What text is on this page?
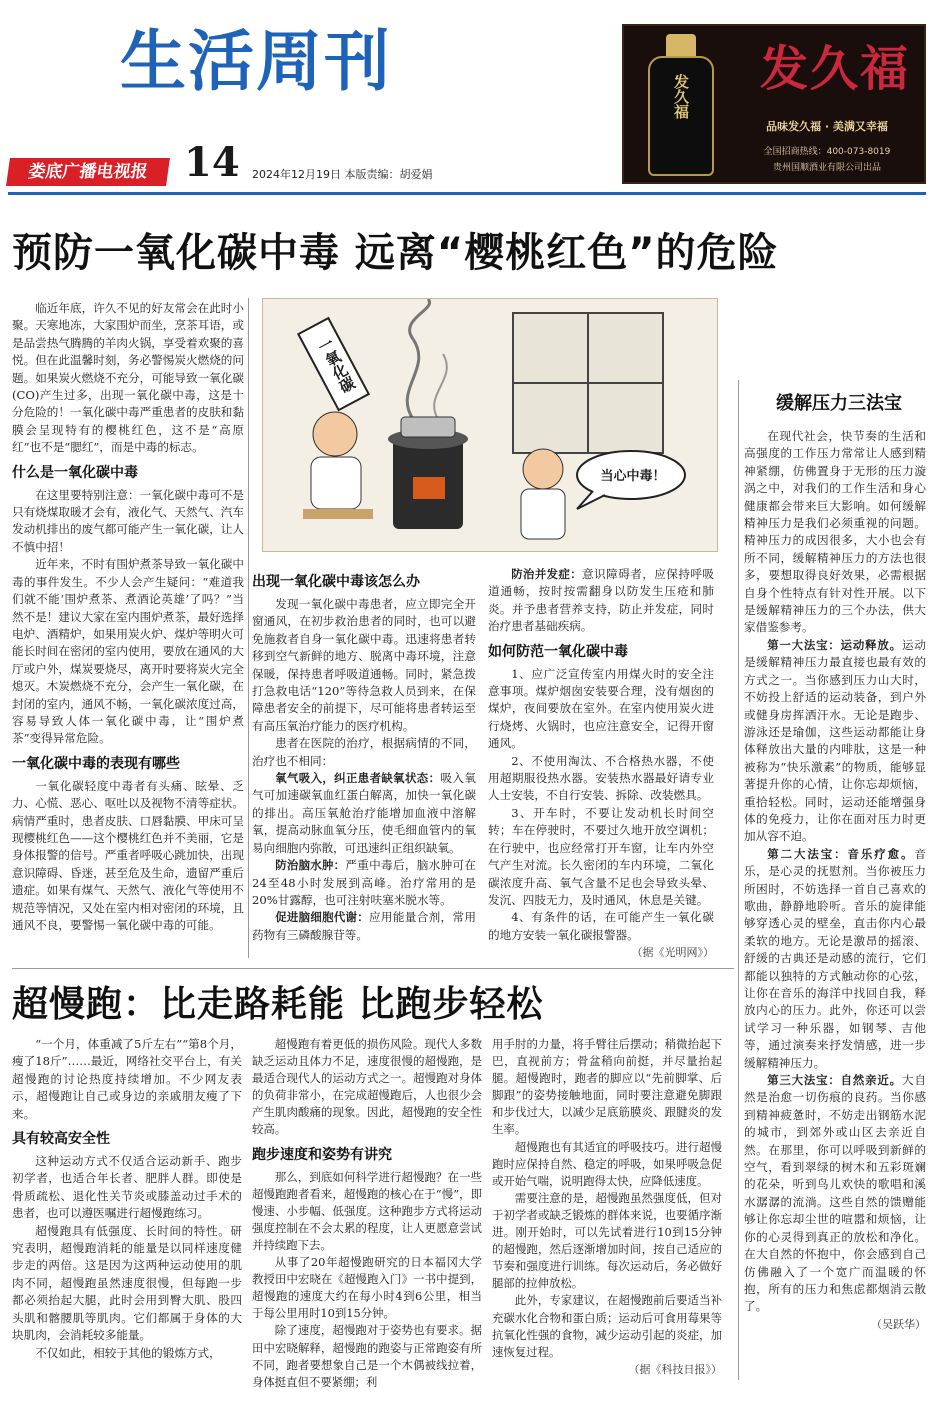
生活周刊
娄底广播电视报 14 2024年12月19日 本版责编：胡爱娟
发久福 发久福
品味发久福 · 美满又幸福
全国招商热线：400-073-8019
贵州国顺酒业有限公司出品
预防一氧化碳中毒 远离“樱桃红色”的危险
一氧化碳
当心中毒！

临近年底，许久不见的好友常会在此时小聚。天寒地冻，大家围炉而坐，烹茶耳语，或是品尝热气腾腾的羊肉火锅，享受着欢聚的喜悦。但在此温馨时刻，务必警惕炭火燃烧的问题。如果炭火燃烧不充分，可能导致一氧化碳(CO)产生过多，出现一氧化碳中毒，这是十分危险的！一氧化碳中毒严重患者的皮肤和黏膜会呈现特有的樱桃红色，这不是“高原红”也不是“腮红”，而是中毒的标志。

什么是一氧化碳中毒

在这里要特别注意：一氧化碳中毒可不是只有烧煤取暖才会有，液化气、天然气、汽车发动机排出的废气都可能产生一氧化碳，让人不慎中招！

近年来，不时有围炉煮茶导致一氧化碳中毒的事件发生。不少人会产生疑问：“难道我们就不能‘围炉煮茶、煮酒论英雄’了吗？”当然不是！建议大家在室内围炉煮茶，最好选择电炉、酒精炉，如果用炭火炉、煤炉等明火可能长时间在密闭的室内使用，要放在通风的大厅或户外，煤炭要烧尽，离开时要将炭火完全熄灭。木炭燃烧不充分，会产生一氧化碳，在封闭的室内，通风不畅，一氧化碳浓度过高，容易导致人体一氧化碳中毒，让“围炉煮茶”变得异常危险。

一氧化碳中毒的表现有哪些

一氧化碳轻度中毒者有头痛、眩晕、乏力、心慌、恶心、呕吐以及视物不清等症状。病情严重时，患者皮肤、口唇黏膜、甲床可呈现樱桃红色——这个樱桃红色并不美丽，它是身体报警的信号。严重者呼吸心跳加快，出现意识障碍、昏迷，甚至危及生命，遗留严重后遗症。如果有煤气、天然气、液化气等使用不规范等情况，又处在室内相对密闭的环境，且通风不良，要警惕一氧化碳中毒的可能。

出现一氧化碳中毒该怎么办

发现一氧化碳中毒患者，应立即完全开窗通风，在初步救治患者的同时，也可以避免施救者自身一氧化碳中毒。迅速将患者转移到空气新鲜的地方、脱离中毒环境，注意保暖，保持患者呼吸道通畅。同时，紧急拨打急救电话“120”等待急救人员到来，在保障患者安全的前提下，尽可能将患者转运至有高压氧治疗能力的医疗机构。

患者在医院的治疗，根据病情的不同，治疗也不相同：

氧气吸入，纠正患者缺氧状态：吸入氧气可加速碳氧血红蛋白解离，加快一氧化碳的排出。高压氧舱治疗能增加血液中溶解氧，提高动脉血氧分压，使毛细血管内的氧易向细胞内弥散，可迅速纠正组织缺氧。

防治脑水肿：严重中毒后，脑水肿可在24至48小时发展到高峰。治疗常用的是20%甘露醇，也可注射呋塞米脱水等。

促进脑细胞代谢：应用能量合剂，常用药物有三磷酸腺苷等。

防治并发症：意识障碍者，应保持呼吸道通畅，按时按需翻身以防发生压疮和肺炎。并予患者营养支持，防止并发症，同时治疗患者基础疾病。

如何防范一氧化碳中毒

1、应广泛宣传室内用煤火时的安全注意事项。煤炉烟囱安装要合理，没有烟囱的煤炉，夜间要放在室外。在室内使用炭火进行烧烤、火锅时，也应注意安全，记得开窗通风。

2、不使用淘汰、不合格热水器，不使用超期服役热水器。安装热水器最好请专业人士安装，不自行安装、拆除、改装燃具。

3、开车时，不要让发动机长时间空转；车在停驶时，不要过久地开放空调机；在行驶中，也应经常打开车窗，让车内外空气产生对流。长久密闭的车内环境，二氧化碳浓度升高、氧气含量不足也会导致头晕、发沉、四肢无力，及时通风，休息是关键。

4、有条件的话，在可能产生一氧化碳的地方安装一氧化碳报警器。

（据《光明网》）
缓解压力三法宝

在现代社会，快节奏的生活和高强度的工作压力常常让人感到精神紧绷，仿佛置身于无形的压力漩涡之中，对我们的工作生活和身心健康都会带来巨大影响。如何缓解精神压力是我们必须重视的问题。精神压力的成因很多，大小也会有所不同，缓解精神压力的方法也很多，要想取得良好效果，必需根据自身个性特点有针对性开展。以下是缓解精神压力的三个办法，供大家借鉴参考。

第一大法宝：运动释放。运动是缓解精神压力最直接也最有效的方式之一。当你感到压力山大时，不妨投上舒适的运动装备，到户外或健身房挥洒汗水。无论是跑步、游泳还是瑜伽，这些运动都能让身体释放出大量的内啡肽，这是一种被称为“快乐激素”的物质，能够显著提升你的心情，让你忘却烦恼，重拾轻松。同时，运动还能增强身体的免疫力，让你在面对压力时更加从容不迫。

第二大法宝：音乐疗愈。音乐，是心灵的抚慰剂。当你被压力所困时，不妨选择一首自己喜欢的歌曲，静静地聆听。音乐的旋律能够穿透心灵的壁垒，直击你内心最柔软的地方。无论是激昂的摇滚、舒缓的古典还是动感的流行，它们都能以独特的方式触动你的心弦，让你在音乐的海洋中找回自我，释放内心的压力。此外，你还可以尝试学习一种乐器，如钢琴、吉他等，通过演奏来抒发情感，进一步缓解精神压力。

第三大法宝：自然亲近。大自然是治愈一切伤痕的良药。当你感到精神疲惫时，不妨走出钢筋水泥的城市，到郊外或山区去亲近自然。在那里，你可以呼吸到新鲜的空气，看到翠绿的树木和五彩斑斓的花朵，听到鸟儿欢快的歌唱和溪水潺潺的流淌。这些自然的馈赠能够让你忘却尘世的喧嚣和烦恼，让你的心灵得到真正的放松和净化。在大自然的怀抱中，你会感到自己仿佛融入了一个宽广而温暖的怀抱，所有的压力和焦虑都烟消云散了。

（吴跃华）
超慢跑：比走路耗能 比跑步轻松

“一个月，体重减了5斤左右”“第8个月，瘦了18斤”……最近，网络社交平台上，有关超慢跑的讨论热度持续增加。不少网友表示，超慢跑让自己或身边的亲戚朋友瘦了下来。

具有较高安全性

这种运动方式不仅适合运动新手、跑步初学者，也适合年长者、肥胖人群。即使是骨质疏松、退化性关节炎或膝盖动过手术的患者，也可以遵医嘱进行超慢跑练习。

超慢跑具有低强度、长时间的特性。研究表明，超慢跑消耗的能量是以同样速度健步走的两倍。这是因为这两种运动使用的肌肉不同，超慢跑虽然速度很慢，但每跑一步都必须抬起大腿，此时会用到臀大肌、股四头肌和髂腰肌等肌肉。它们都属于身体的大块肌肉，会消耗较多能量。

不仅如此，相较于其他的锻炼方式，

超慢跑有着更低的损伤风险。现代人多数缺乏运动且体力不足，速度很慢的超慢跑，是最适合现代人的运动方式之一。超慢跑对身体的负荷非常小，在完成超慢跑后，人也很少会产生肌肉酸痛的现象。因此，超慢跑的安全性较高。

跑步速度和姿势有讲究

那么，到底如何科学进行超慢跑？在一些超慢跑跑者看来，超慢跑的核心在于“慢”，即慢速、小步幅、低强度。这种跑步方式将运动强度控制在不会太累的程度，让人更愿意尝试并持续跑下去。

从事了20年超慢跑研究的日本福冈大学教授田中宏晓在《超慢跑入门》一书中提到，超慢跑的速度大约在每小时4到6公里，相当于每公里用时10到15分钟。

除了速度，超慢跑对于姿势也有要求。据田中宏晓解释，超慢跑的跑姿与正常跑姿有所不同，跑者要想象自己是一个木偶被线拉着，身体挺直但不要紧绷；利

用手肘的力量，将手臂往后摆动；稍微抬起下巴，直视前方；骨盆稍向前挺，并尽量抬起腿。超慢跑时，跑者的脚应以“先前脚掌、后脚跟”的姿势接触地面，同时要注意避免脚跟和步伐过大，以减少足底筋膜炎、跟腱炎的发生率。

超慢跑也有其适宜的呼吸技巧。进行超慢跑时应保持自然、稳定的呼吸，如果呼吸急促或开始气喘，说明跑得太快，应降低速度。

需要注意的是，超慢跑虽然强度低，但对于初学者或缺乏锻炼的群体来说，也要循序渐进。刚开始时，可以先试着进行10到15分钟的超慢跑，然后逐渐增加时间，按自己适应的节奏和强度进行训练。每次运动后，务必做好腿部的拉伸放松。

此外，专家建议，在超慢跑前后要适当补充碳水化合物和蛋白质；运动后可食用莓果等抗氧化性强的食物，减少运动引起的炎症，加速恢复过程。

（据《科技日报》）
